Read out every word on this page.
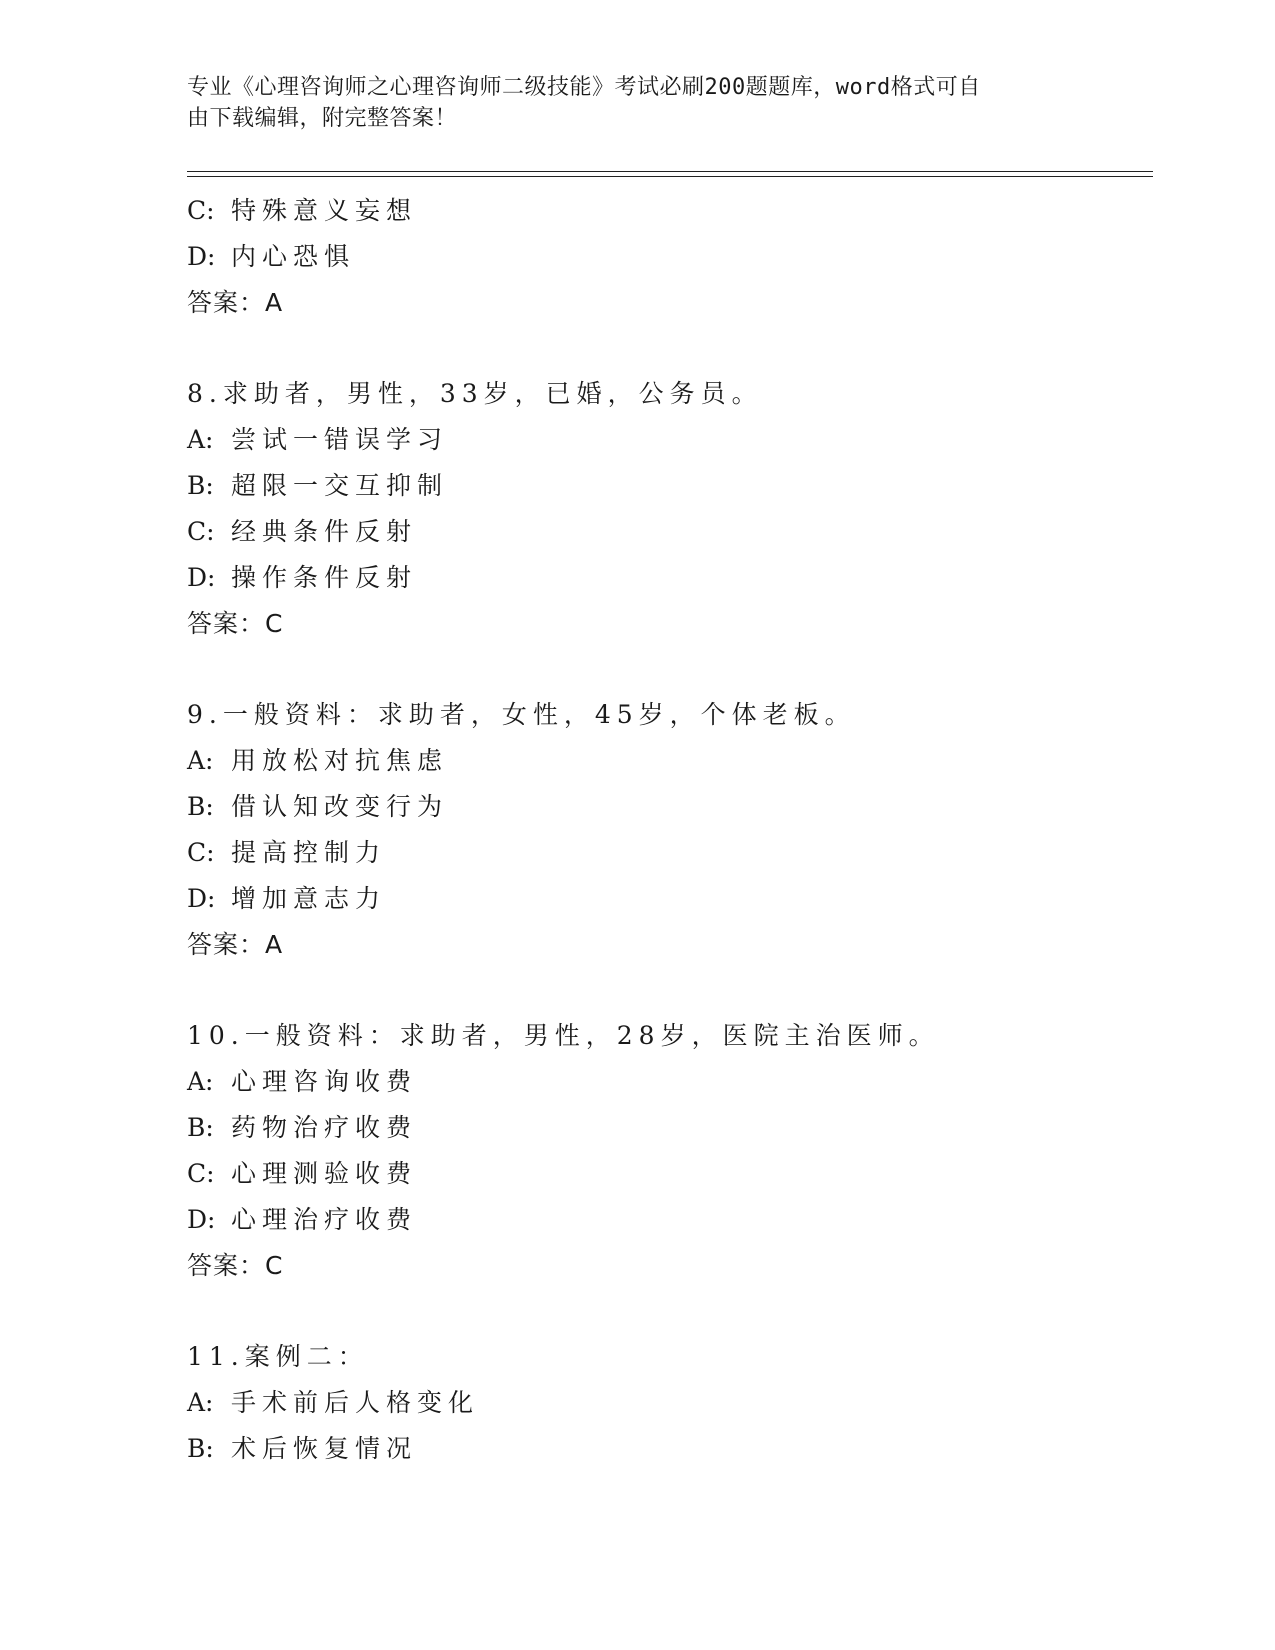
专业《心理咨询师之心理咨询师二级技能》考试必刷200题题库，word格式可自
由下载编辑，附完整答案！
C: 特殊意义妄想
D: 内心恐惧
答案：A
8.求助者，男性，33岁，已婚，公务员。
A: 尝试一错误学习
B: 超限一交互抑制
C: 经典条件反射
D: 操作条件反射
答案：C
9.一般资料：求助者，女性，45岁，个体老板。
A: 用放松对抗焦虑
B: 借认知改变行为
C: 提高控制力
D: 增加意志力
答案：A
10.一般资料：求助者，男性，28岁，医院主治医师。
A: 心理咨询收费
B: 药物治疗收费
C: 心理测验收费
D: 心理治疗收费
答案：C
11.案例二：
A: 手术前后人格变化
B: 术后恢复情况
